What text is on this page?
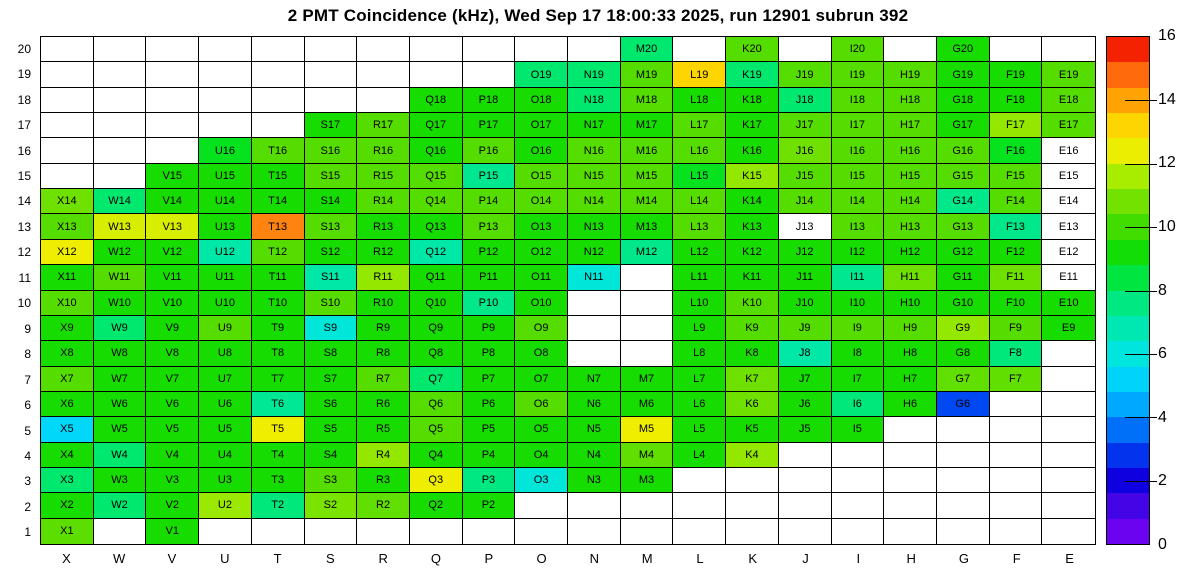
2 PMT Coincidence (kHz), Wed Sep 17 18:00:33 2025, run 12901 subrun 392
20
19
18
17
16
15
14
13
12
11
10
9
8
7
6
5
4
3
2
1
M20	K20	I20	G20
O19	N19	M19	L19	K19	J19	I19	H19	G19	F19	E19
Q18	P18	O18	N18	M18	L18	K18	J18	I18	H18	G18	F18	E18
S17	R17	Q17	P17	O17	N17	M17	L17	K17	J17	I17	H17	G17	F17	E17
U16	T16	S16	R16	Q16	P16	O16	N16	M16	L16	K16	J16	I16	H16	G16	F16	E16
V15	U15	T15	S15	R15	Q15	P15	O15	N15	M15	L15	K15	J15	I15	H15	G15	F15	E15
X14	W14	V14	U14	T14	S14	R14	Q14	P14	O14	N14	M14	L14	K14	J14	I14	H14	G14	F14	E14
X13	W13	V13	U13	T13	S13	R13	Q13	P13	O13	N13	M13	L13	K13	J13	I13	H13	G13	F13	E13
X12	W12	V12	U12	T12	S12	R12	Q12	P12	O12	N12	M12	L12	K12	J12	I12	H12	G12	F12	E12
X11	W11	V11	U11	T11	S11	R11	Q11	P11	O11	N11	L11	K11	J11	I11	H11	G11	F11	E11
X10	W10	V10	U10	T10	S10	R10	Q10	P10	O10	L10	K10	J10	I10	H10	G10	F10	E10
X9	W9	V9	U9	T9	S9	R9	Q9	P9	O9	L9	K9	J9	I9	H9	G9	F9	E9
X8	W8	V8	U8	T8	S8	R8	Q8	P8	O8	L8	K8	J8	I8	H8	G8	F8
X7	W7	V7	U7	T7	S7	R7	Q7	P7	O7	N7	M7	L7	K7	J7	I7	H7	G7	F7
X6	W6	V6	U6	T6	S6	R6	Q6	P6	O6	N6	M6	L6	K6	J6	I6	H6	G6
X5	W5	V5	U5	T5	S5	R5	Q5	P5	O5	N5	M5	L5	K5	J5	I5
X4	W4	V4	U4	T4	S4	R4	Q4	P4	O4	N4	M4	L4	K4
X3	W3	V3	U3	T3	S3	R3	Q3	P3	O3	N3	M3
X2	W2	V2	U2	T2	S2	R2	Q2	P2
X1	V1
X	W	V	U	T	S	R	Q	P	O	N	M	L	K	J	I	H	G	F	E
16
14
12
10
8
6
4
2
0
